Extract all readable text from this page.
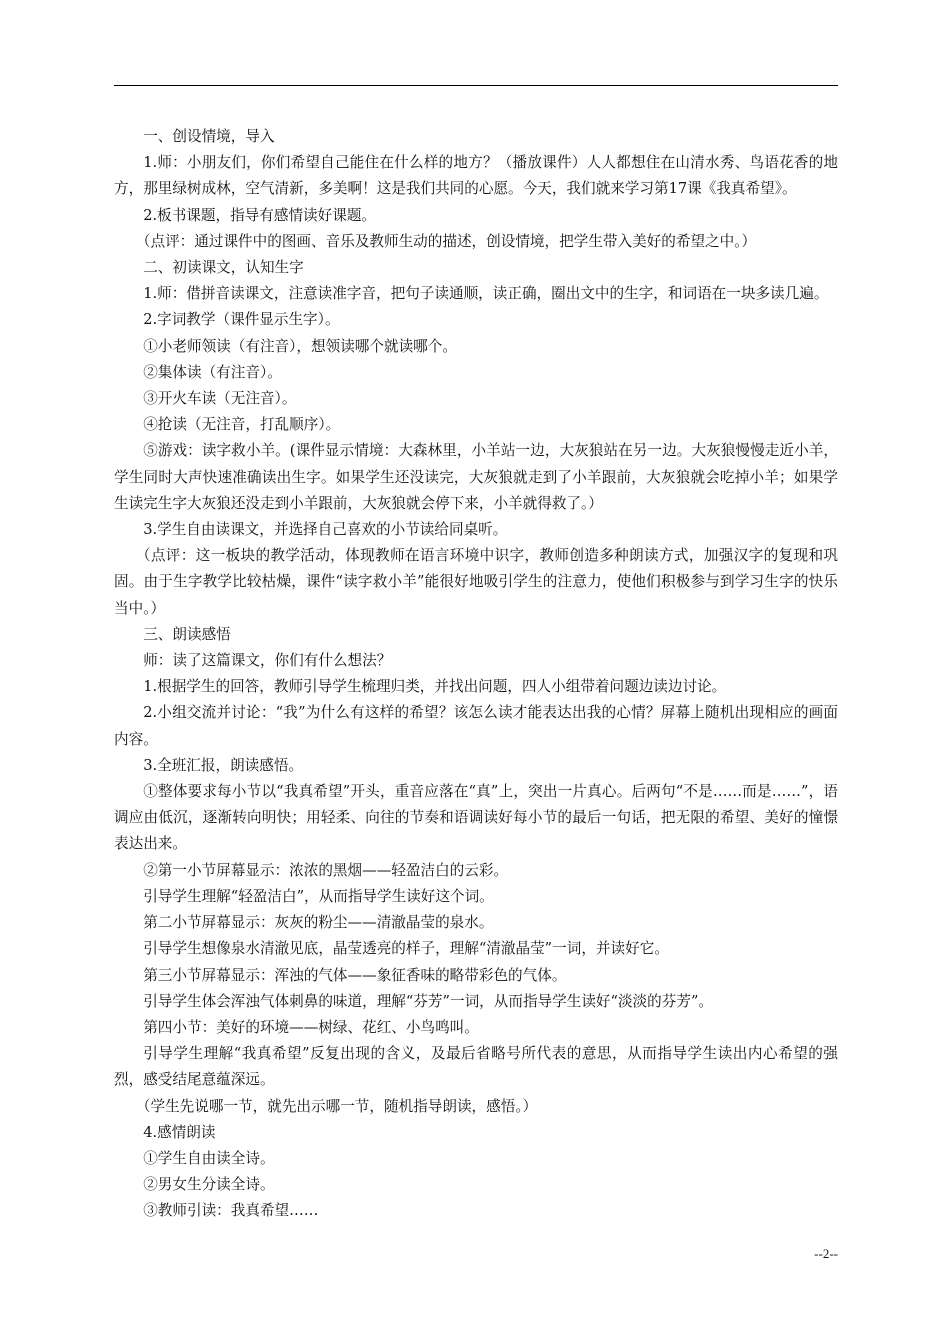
一、创设情境，导入

1.师：小朋友们，你们希望自己能住在什么样的地方？（播放课件）人人都想住在山清水秀、鸟语花香的地方，那里绿树成林，空气清新，多美啊！这是我们共同的心愿。今天，我们就来学习第17课《我真希望》。

2.板书课题，指导有感情读好课题。

（点评：通过课件中的图画、音乐及教师生动的描述，创设情境，把学生带入美好的希望之中。）

二、初读课文，认知生字

1.师：借拼音读课文，注意读准字音，把句子读通顺，读正确，圈出文中的生字，和词语在一块多读几遍。

2.字词教学（课件显示生字）。

①小老师领读（有注音），想领读哪个就读哪个。

②集体读（有注音）。

③开火车读（无注音）。

④抢读（无注音，打乱顺序）。

⑤游戏：读字救小羊。(课件显示情境：大森林里，小羊站一边，大灰狼站在另一边。大灰狼慢慢走近小羊，学生同时大声快速准确读出生字。如果学生还没读完，大灰狼就走到了小羊跟前，大灰狼就会吃掉小羊；如果学生读完生字大灰狼还没走到小羊跟前，大灰狼就会停下来，小羊就得救了。）

3.学生自由读课文，并选择自己喜欢的小节读给同桌听。

（点评：这一板块的教学活动，体现教师在语言环境中识字，教师创造多种朗读方式，加强汉字的复现和巩固。由于生字教学比较枯燥，课件“读字救小羊”能很好地吸引学生的注意力，使他们积极参与到学习生字的快乐当中。）

三、朗读感悟

师：读了这篇课文，你们有什么想法？

1.根据学生的回答，教师引导学生梳理归类，并找出问题，四人小组带着问题边读边讨论。

2.小组交流并讨论：“我”为什么有这样的希望？该怎么读才能表达出我的心情？屏幕上随机出现相应的画面内容。

3.全班汇报，朗读感悟。

①整体要求每小节以“我真希望”开头，重音应落在“真”上，突出一片真心。后两句“不是……而是……”，语调应由低沉，逐渐转向明快；用轻柔、向往的节奏和语调读好每小节的最后一句话，把无限的希望、美好的憧憬表达出来。

②第一小节屏幕显示：浓浓的黑烟——轻盈洁白的云彩。

引导学生理解“轻盈洁白”，从而指导学生读好这个词。

第二小节屏幕显示：灰灰的粉尘——清澈晶莹的泉水。

引导学生想像泉水清澈见底，晶莹透亮的样子，理解“清澈晶莹”一词，并读好它。

第三小节屏幕显示：浑浊的气体——象征香味的略带彩色的气体。

引导学生体会浑浊气体刺鼻的味道，理解“芬芳”一词，从而指导学生读好“淡淡的芬芳”。

第四小节：美好的环境——树绿、花红、小鸟鸣叫。

引导学生理解“我真希望”反复出现的含义，及最后省略号所代表的意思，从而指导学生读出内心希望的强烈，感受结尾意蕴深远。

（学生先说哪一节，就先出示哪一节，随机指导朗读，感悟。）

4.感情朗读

①学生自由读全诗。

②男女生分读全诗。

③教师引读：我真希望……

--2--
